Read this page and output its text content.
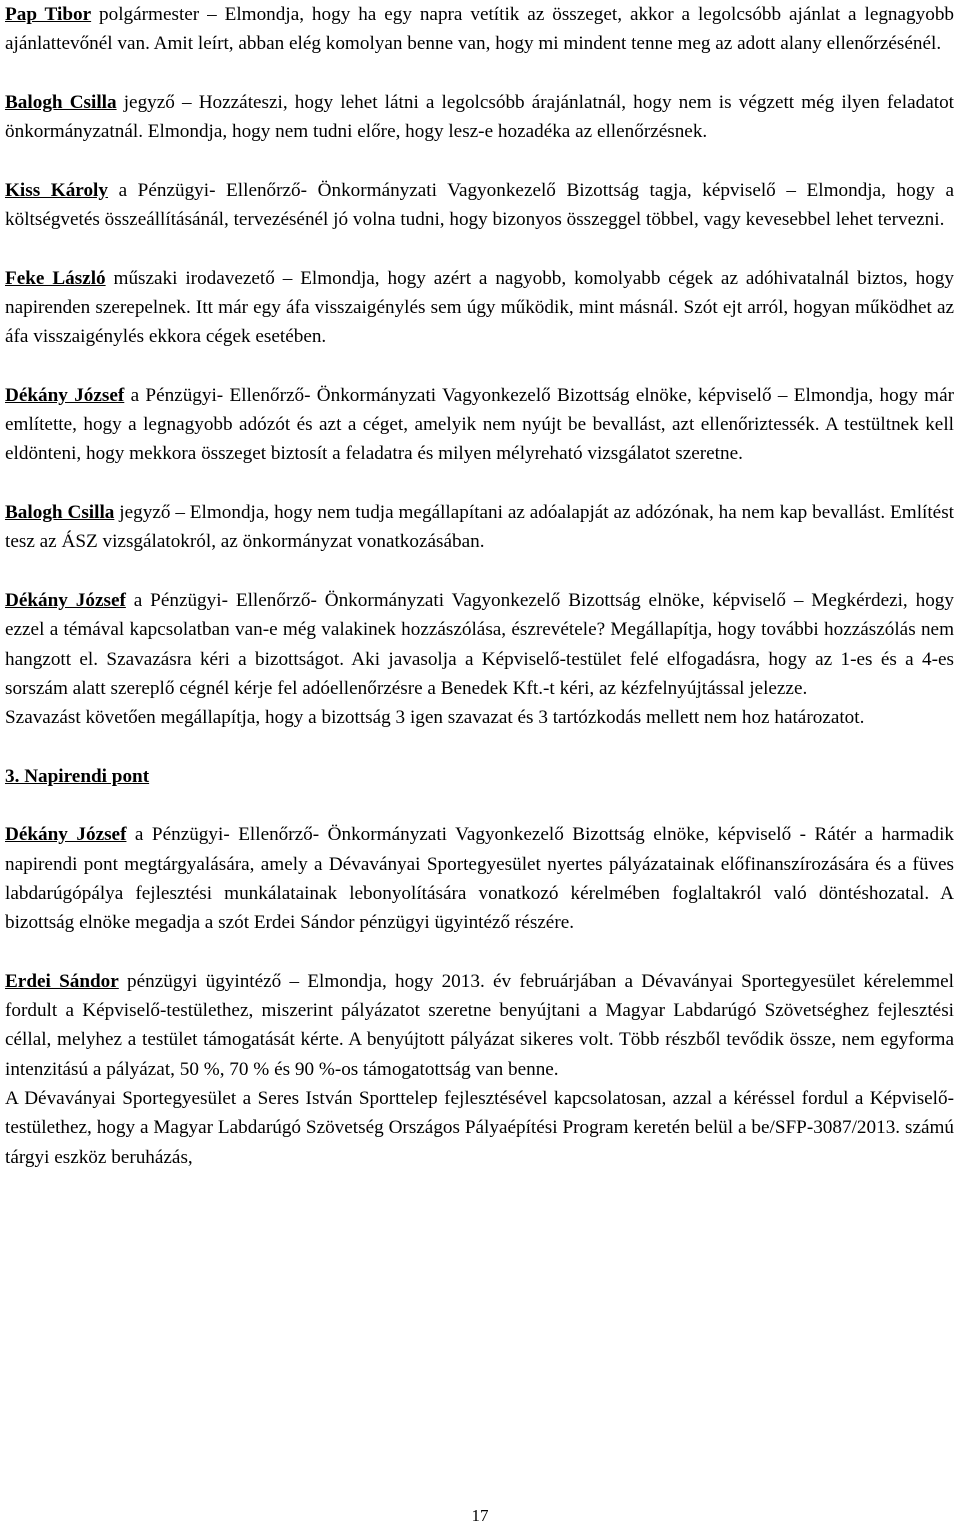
Pap Tibor polgármester – Elmondja, hogy ha egy napra vetítik az összeget, akkor a legolcsóbb ajánlat a legnagyobb ajánlattevőnél van. Amit leírt, abban elég komolyan benne van, hogy mi mindent tenne meg az adott alany ellenőrzésénél.

Balogh Csilla jegyző – Hozzáteszi, hogy lehet látni a legolcsóbb árajánlatnál, hogy nem is végzett még ilyen feladatot önkormányzatnál. Elmondja, hogy nem tudni előre, hogy lesz-e hozadéka az ellenőrzésnek.

Kiss Károly a Pénzügyi- Ellenőrző- Önkormányzati Vagyonkezelő Bizottság tagja, képviselő – Elmondja, hogy a költségvetés összeállításánál, tervezésénél jó volna tudni, hogy bizonyos összeggel többel, vagy kevesebbel lehet tervezni.

Feke László műszaki irodavezető – Elmondja, hogy azért a nagyobb, komolyabb cégek az adóhivatalnál biztos, hogy napirenden szerepelnek. Itt már egy áfa visszaigénylés sem úgy működik, mint másnál. Szót ejt arról, hogyan működhet az áfa visszaigénylés ekkora cégek esetében.

Dékány József a Pénzügyi- Ellenőrző- Önkormányzati Vagyonkezelő Bizottság elnöke, képviselő – Elmondja, hogy már említette, hogy a legnagyobb adózót és azt a céget, amelyik nem nyújt be bevallást, azt ellenőriztessék. A testültnek kell eldönteni, hogy mekkora összeget biztosít a feladatra és milyen mélyreható vizsgálatot szeretne.

Balogh Csilla jegyző – Elmondja, hogy nem tudja megállapítani az adóalapját az adózónak, ha nem kap bevallást. Említést tesz az ÁSZ vizsgálatokról, az önkormányzat vonatkozásában.

Dékány József a Pénzügyi- Ellenőrző- Önkormányzati Vagyonkezelő Bizottság elnöke, képviselő – Megkérdezi, hogy ezzel a témával kapcsolatban van-e még valakinek hozzászólása, észrevétele? Megállapítja, hogy további hozzászólás nem hangzott el. Szavazásra kéri a bizottságot. Aki javasolja a Képviselő-testület felé elfogadásra, hogy az 1-es és a 4-es sorszám alatt szereplő cégnél kérje fel adóellenőrzésre a Benedek Kft.-t kéri, az kézfelnyújtással jelezze.

Szavazást követően megállapítja, hogy a bizottság 3 igen szavazat és 3 tartózkodás mellett nem hoz határozatot.

3. Napirendi pont

Dékány József a Pénzügyi- Ellenőrző- Önkormányzati Vagyonkezelő Bizottság elnöke, képviselő - Rátér a harmadik napirendi pont megtárgyalására, amely a Dévaványai Sportegyesület nyertes pályázatainak előfinanszírozására és a füves labdarúgópálya fejlesztési munkálatainak lebonyolítására vonatkozó kérelmében foglaltakról való döntéshozatal. A bizottság elnöke megadja a szót Erdei Sándor pénzügyi ügyintéző részére.

Erdei Sándor pénzügyi ügyintéző – Elmondja, hogy 2013. év februárjában a Dévaványai Sportegyesület kérelemmel fordult a Képviselő-testülethez, miszerint pályázatot szeretne benyújtani a Magyar Labdarúgó Szövetséghez fejlesztési céllal, melyhez a testület támogatását kérte. A benyújtott pályázat sikeres volt. Több részből tevődik össze, nem egyforma intenzitású a pályázat, 50 %, 70 % és 90 %-os támogatottság van benne.

A Dévaványai Sportegyesület a Seres István Sporttelep fejlesztésével kapcsolatosan, azzal a kéréssel fordul a Képviselő-testülethez, hogy a Magyar Labdarúgó Szövetség Országos Pályaépítési Program keretén belül a be/SFP-3087/2013. számú tárgyi eszköz beruházás,

17
